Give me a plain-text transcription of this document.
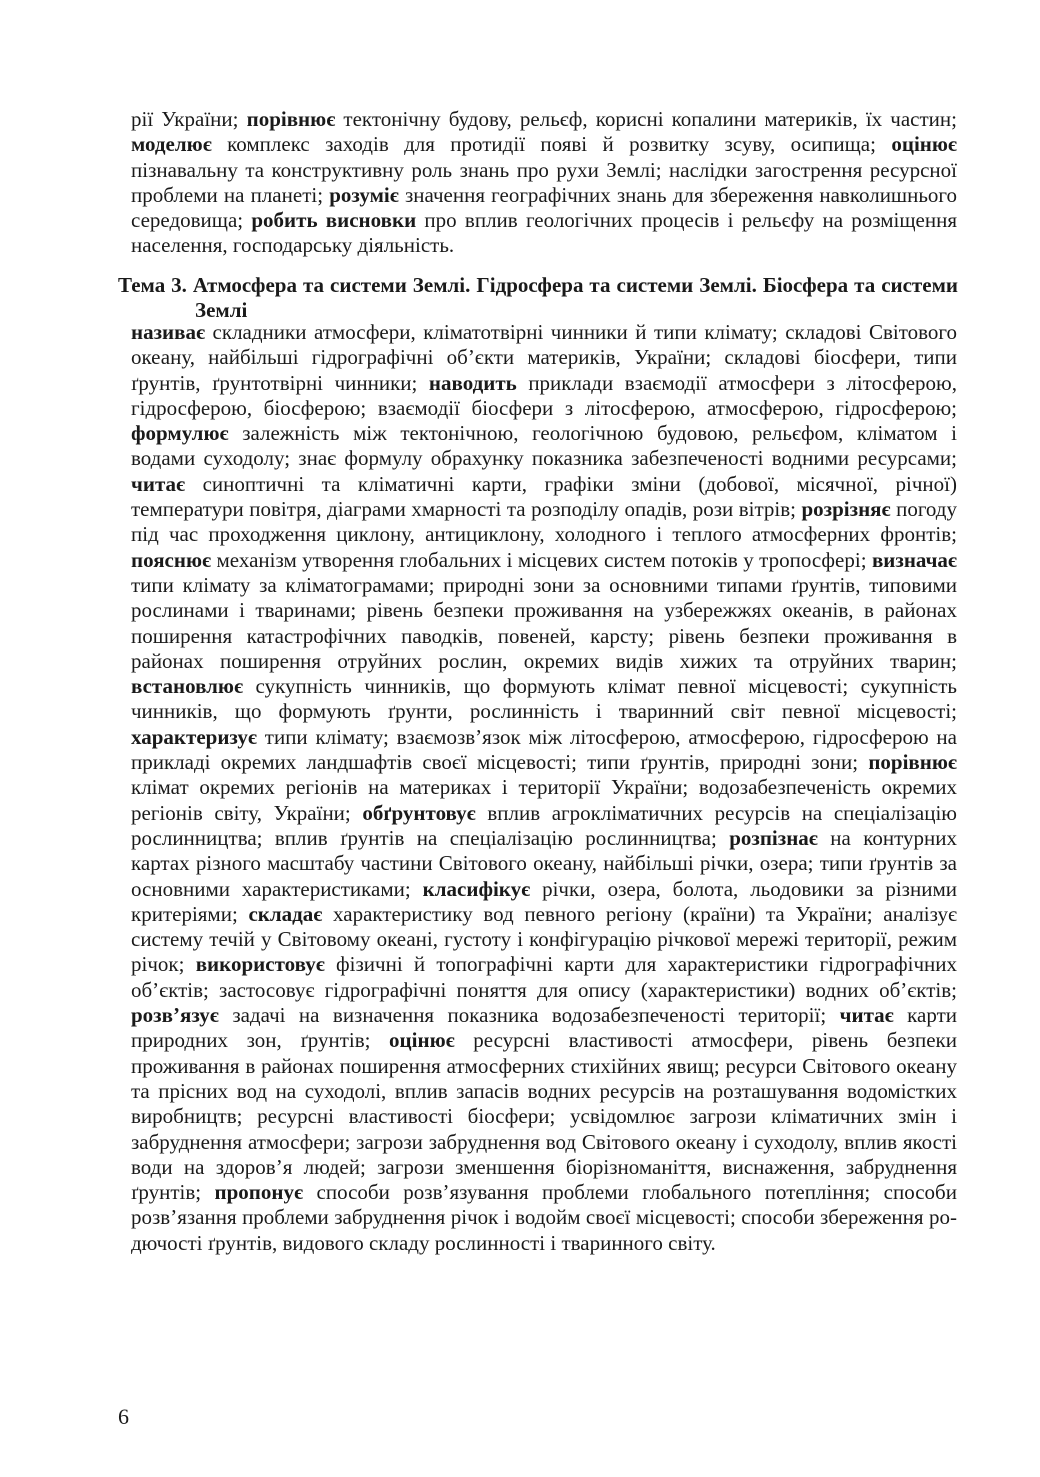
рії України; порівнює тектонічну будову, рельєф, корисні копалини материків, їх частин; моделює комплекс заходів для протидії появі й розвитку зсуву, осипища; оцінює пізнавальну та конструктивну роль знань про рухи Землі; наслідки загострення ресурсної проблеми на планеті; розуміє значення географічних знань для збереження навколишнього середовища; робить висновки про вплив геологічних процесів і рельєфу на розміщення населення, господарську діяльність.
Тема 3. Атмосфера та системи Землі. Гідросфера та системи Землі. Біосфера та системи Землі
називає складники атмосфери, кліматотвірні чинники й типи клімату; складові Світового океану, найбільші гідрографічні об’єкти материків, України; складові біосфери, типи ґрунтів, ґрунтотвірні чинники; наводить приклади взаємодії атмосфери з літосферою, гідросферою, біосферою; взаємодії біосфери з літосферою, атмосферою, гідросферою; формулює залежність між тектонічною, геологічною будовою, рельєфом, кліматом і водами суходолу; знає формулу обрахунку показника забезпеченості водними ресурсами; читає синоптичні та кліматичні карти, графіки зміни (добової, місячної, річної) температури повітря, діаграми хмарності та розподілу опадів, рози вітрів; розрізняє погоду під час проходження циклону, антициклону, холодного і теплого атмосферних фронтів; пояснює механізм утворення глобальних і місцевих систем потоків у тропосфері; визначає типи клімату за кліматограмами; природні зони за основними типами ґрунтів, типовими рослинами і тваринами; рівень безпеки проживання на узбережжях океанів, в районах поширення катастрофічних паводків, повеней, карсту; рівень безпеки проживання в районах поширення отруйних рослин, окремих видів хижих та отруйних тварин; встановлює сукупність чинників, що формують клімат певної місцевості; сукупність чинників, що формують ґрунти, рослинність і тваринний світ певної місцевості; характеризує типи клімату; взаємозв’язок між літосферою, атмосферою, гідросферою на прикладі окремих ландшафтів своєї місцевості; типи ґрунтів, природні зони; порівнює клімат окремих регіонів на материках і території України; водозабезпеченість окремих регіонів світу, України; обґрунтовує вплив агрокліматичних ресурсів на спеціалізацію рослинництва; вплив ґрунтів на спеціалізацію рослинництва; розпізнає на контурних картах різного масштабу частини Світового океану, найбільші річки, озера; типи ґрунтів за основними характеристиками; класифікує річки, озера, болота, льодовики за різними критеріями; складає характеристику вод певного регіону (країни) та України; аналізує систему течій у Світовому океані, густоту і конфігурацію річкової мережі території, режим річок; використовує фізичні й топографічні карти для характеристики гідрографічних об’єктів; застосовує гідрографічні поняття для опису (характеристики) водних об’єктів; розв’язує задачі на визначення показника водозабезпеченості території; читає карти природних зон, ґрунтів; оцінює ресурсні властивості атмосфери, рівень безпеки проживання в районах поширення атмосферних стихійних явищ; ресурси Світового океану та прісних вод на суходолі, вплив запасів водних ресурсів на розташування водомістких виробництв; ресурсні властивості біосфери; усвідомлює загрози кліматичних змін і забруднення атмосфери; загрози забруднення вод Світового океану і суходолу, вплив якості води на здоров’я людей; загрози зменшення біорізноманіття, виснаження, забруднення ґрунтів; пропонує способи розв’язування проблеми глобального потепління; способи розв’язання проблеми забруднення річок і водойм своєї місцевості; способи збереження родючості ґрунтів, видового складу рослинності і тваринного світу.
6
